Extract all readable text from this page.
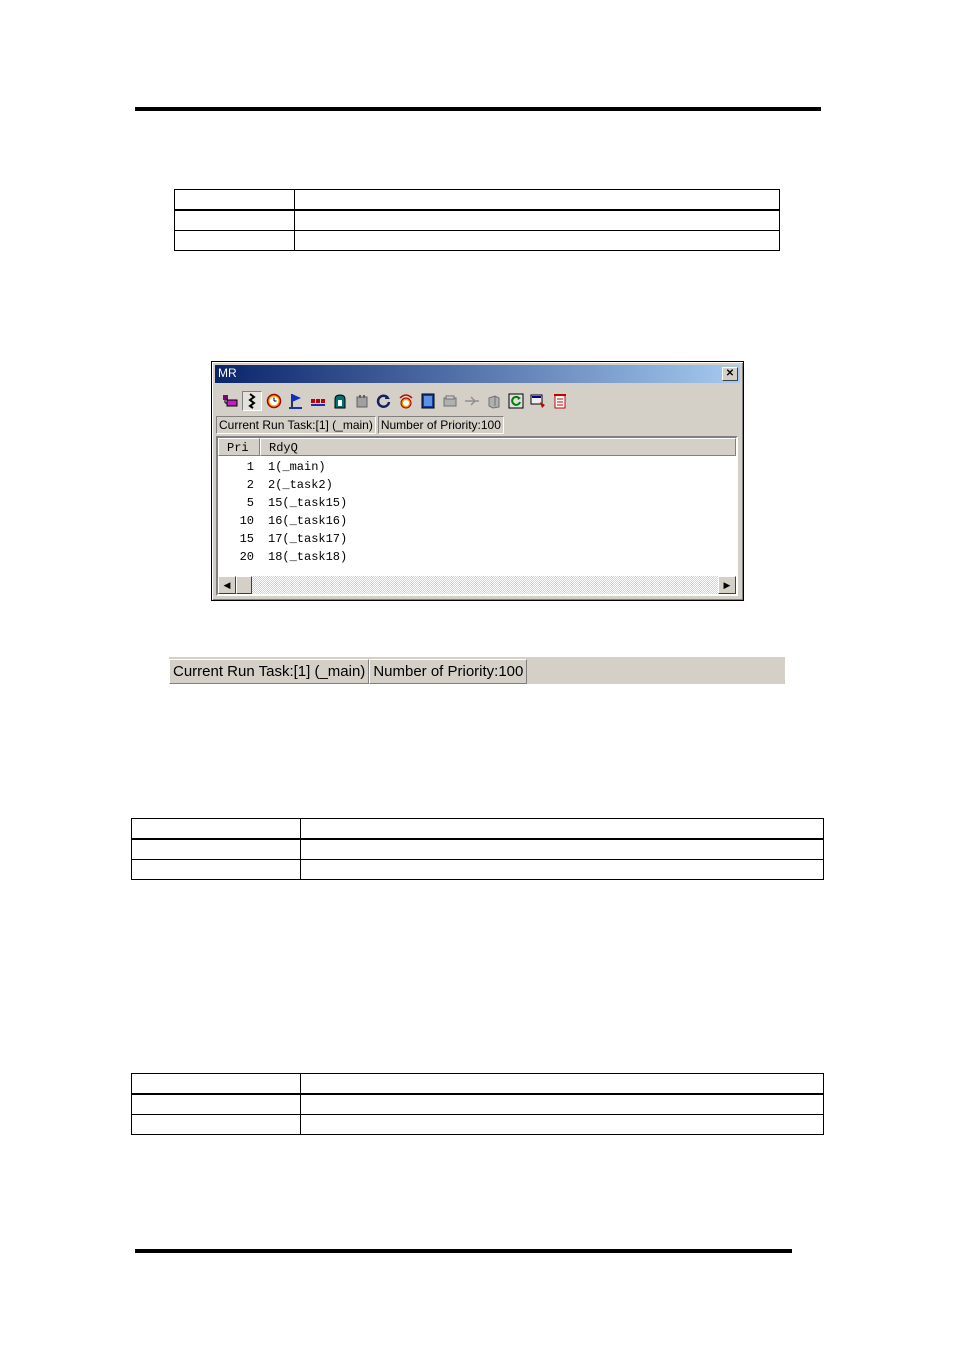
MR	✕
Current Run Task:[1] (_main) Number of Priority:100
Pri	RdyQ
1	1(_main)
2	2(_task2)
5	15(_task15)
10	16(_task16)
15	17(_task17)
20	18(_task18)
◀	▶
Current Run Task:[1] (_main) Number of Priority:100
